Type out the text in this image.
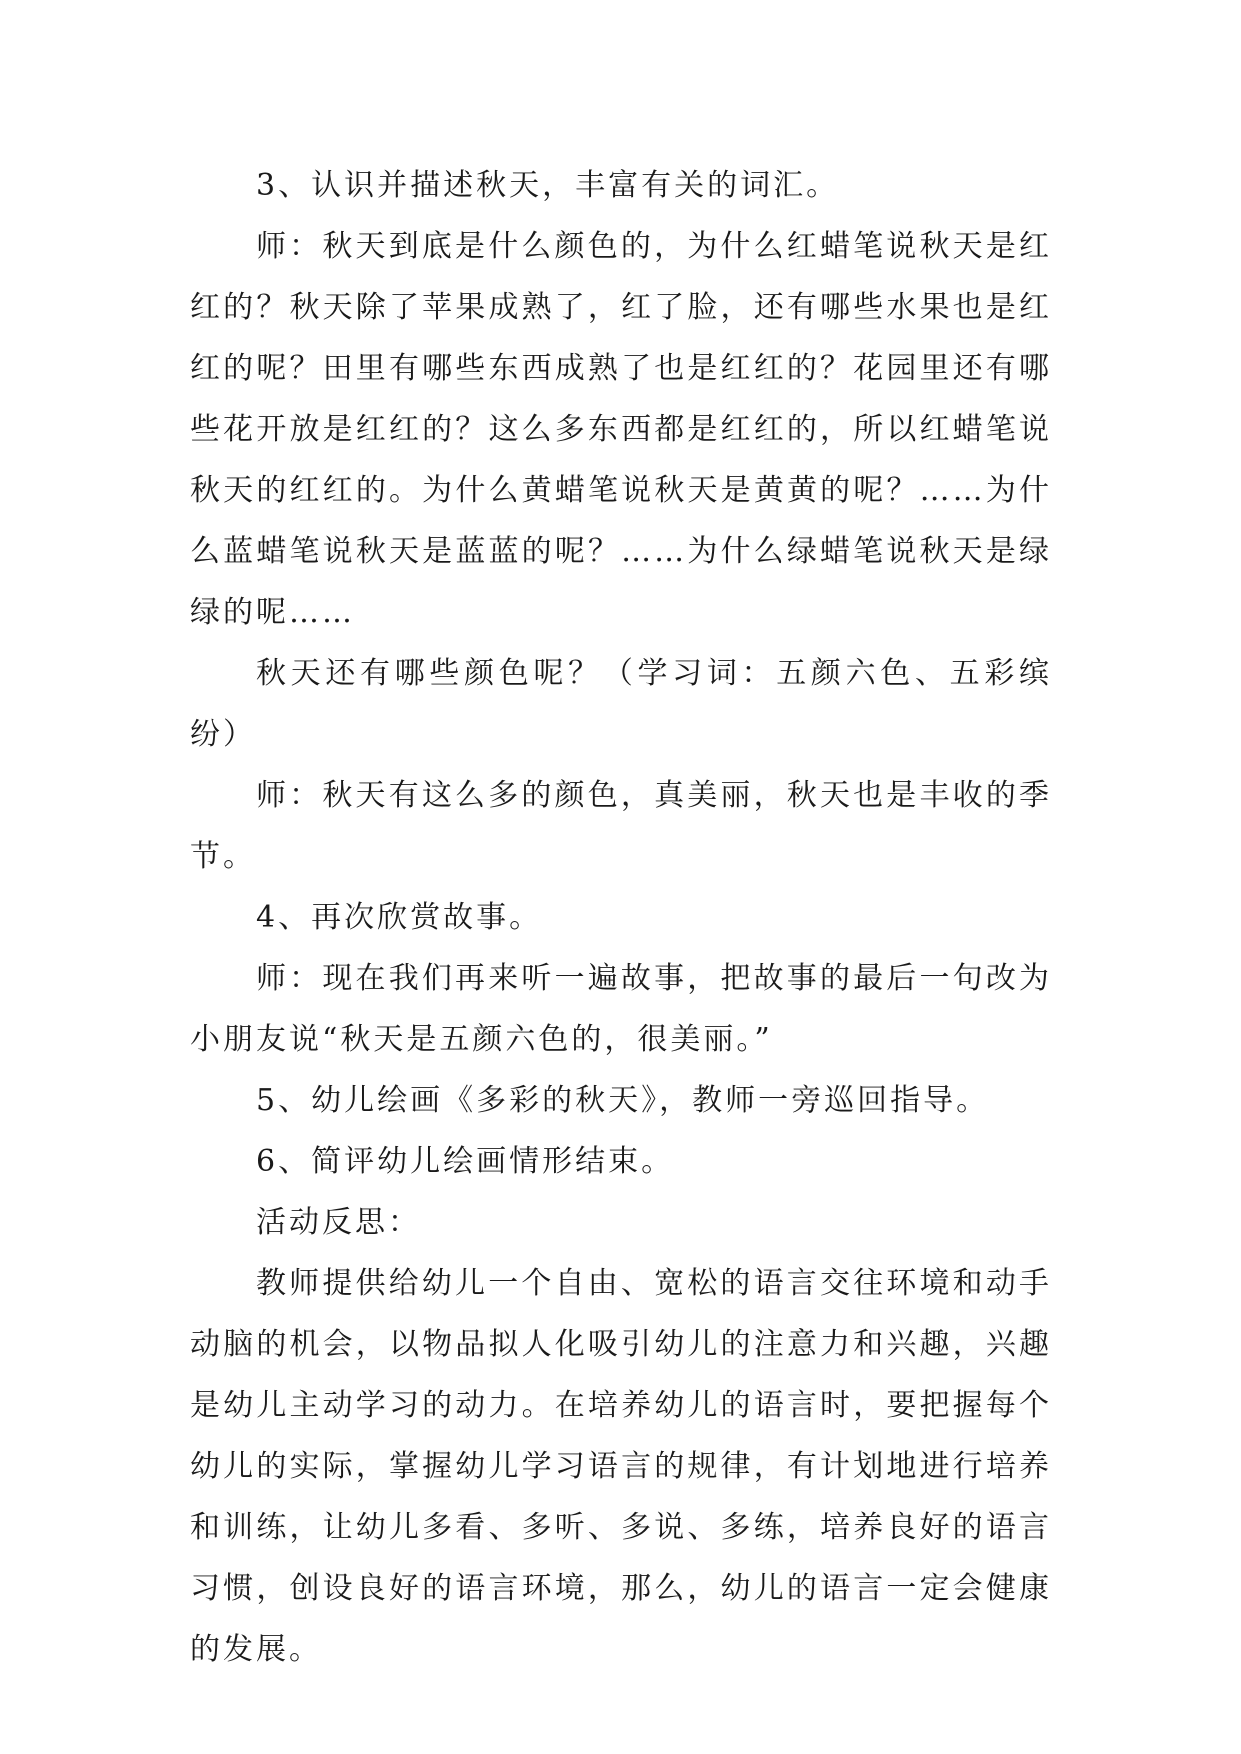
3、认识并描述秋天，丰富有关的词汇。

师：秋天到底是什么颜色的，为什么红蜡笔说秋天是红红的？秋天除了苹果成熟了，红了脸，还有哪些水果也是红红的呢？田里有哪些东西成熟了也是红红的？花园里还有哪些花开放是红红的？这么多东西都是红红的，所以红蜡笔说秋天的红红的。为什么黄蜡笔说秋天是黄黄的呢？……为什么蓝蜡笔说秋天是蓝蓝的呢？……为什么绿蜡笔说秋天是绿绿的呢……

秋天还有哪些颜色呢？（学习词：五颜六色、五彩缤纷）

师：秋天有这么多的颜色，真美丽，秋天也是丰收的季节。

4、再次欣赏故事。

师：现在我们再来听一遍故事，把故事的最后一句改为小朋友说“秋天是五颜六色的，很美丽。”

5、幼儿绘画《多彩的秋天》，教师一旁巡回指导。

6、简评幼儿绘画情形结束。

活动反思：

教师提供给幼儿一个自由、宽松的语言交往环境和动手动脑的机会，以物品拟人化吸引幼儿的注意力和兴趣，兴趣是幼儿主动学习的动力。在培养幼儿的语言时，要把握每个幼儿的实际，掌握幼儿学习语言的规律，有计划地进行培养和训练，让幼儿多看、多听、多说、多练，培养良好的语言习惯，创设良好的语言环境，那么，幼儿的语言一定会健康的发展。
